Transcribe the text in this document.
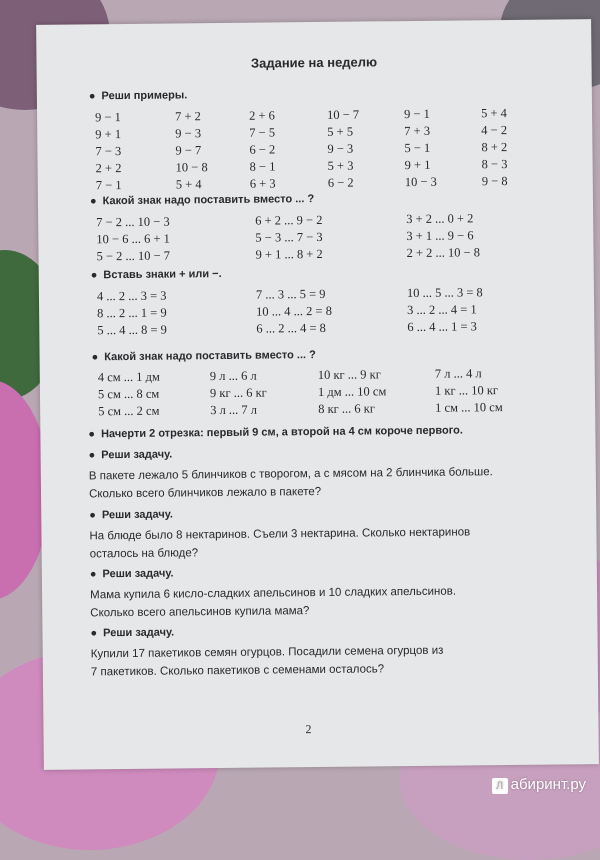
Задание на неделю
● Реши примеры.
9 − 1
9 + 1
7 − 3
2 + 2
7 − 1
7 + 2
9 − 3
9 − 7
10 − 8
5 + 4
2 + 6
7 − 5
6 − 2
8 − 1
6 + 3
10 − 7
5 + 5
9 − 3
5 + 3
6 − 2
9 − 1
7 + 3
5 − 1
9 + 1
10 − 3
5 + 4
4 − 2
8 + 2
8 − 3
9 − 8
● Какой знак надо поставить вместо ... ?
7 − 2 ... 10 − 3
10 − 6 ... 6 + 1
5 − 2 ... 10 − 7
6 + 2 ... 9 − 2
5 − 3 ... 7 − 3
9 + 1 ... 8 + 2
3 + 2 ... 0 + 2
3 + 1 ... 9 − 6
2 + 2 ... 10 − 8
● Вставь знаки + или −.
4 ... 2 ... 3 = 3
8 ... 2 ... 1 = 9
5 ... 4 ... 8 = 9
7 ... 3 ... 5 = 9
10 ... 4 ... 2 = 8
6 ... 2 ... 4 = 8
10 ... 5 ... 3 = 8
3 ... 2 ... 4 = 1
6 ... 4 ... 1 = 3
● Какой знак надо поставить вместо ... ?
4 см ... 1 дм
5 см ... 8 см
5 см ... 2 см
9 л ... 6 л
9 кг ... 6 кг
3 л ... 7 л
10 кг ... 9 кг
1 дм ... 10 см
8 кг ... 6 кг
7 л ... 4 л
1 кг ... 10 кг
1 см ... 10 см
● Начерти 2 отрезка: первый 9 см, а второй на 4 см короче первого.
● Реши задачу.
В пакете лежало 5 блинчиков с творогом, а с мясом на 2 блинчика больше.
Сколько всего блинчиков лежало в пакете?
● Реши задачу.
На блюде было 8 нектаринов. Съели 3 нектарина. Сколько нектаринов
осталось на блюде?
● Реши задачу.
Мама купила 6 кисло-сладких апельсинов и 10 сладких апельсинов.
Сколько всего апельсинов купила мама?
● Реши задачу.
Купили 17 пакетиков семян огурцов. Посадили семена огурцов из
7 пакетиков. Сколько пакетиков с семенами осталось?
2
Л абиринт.ру
